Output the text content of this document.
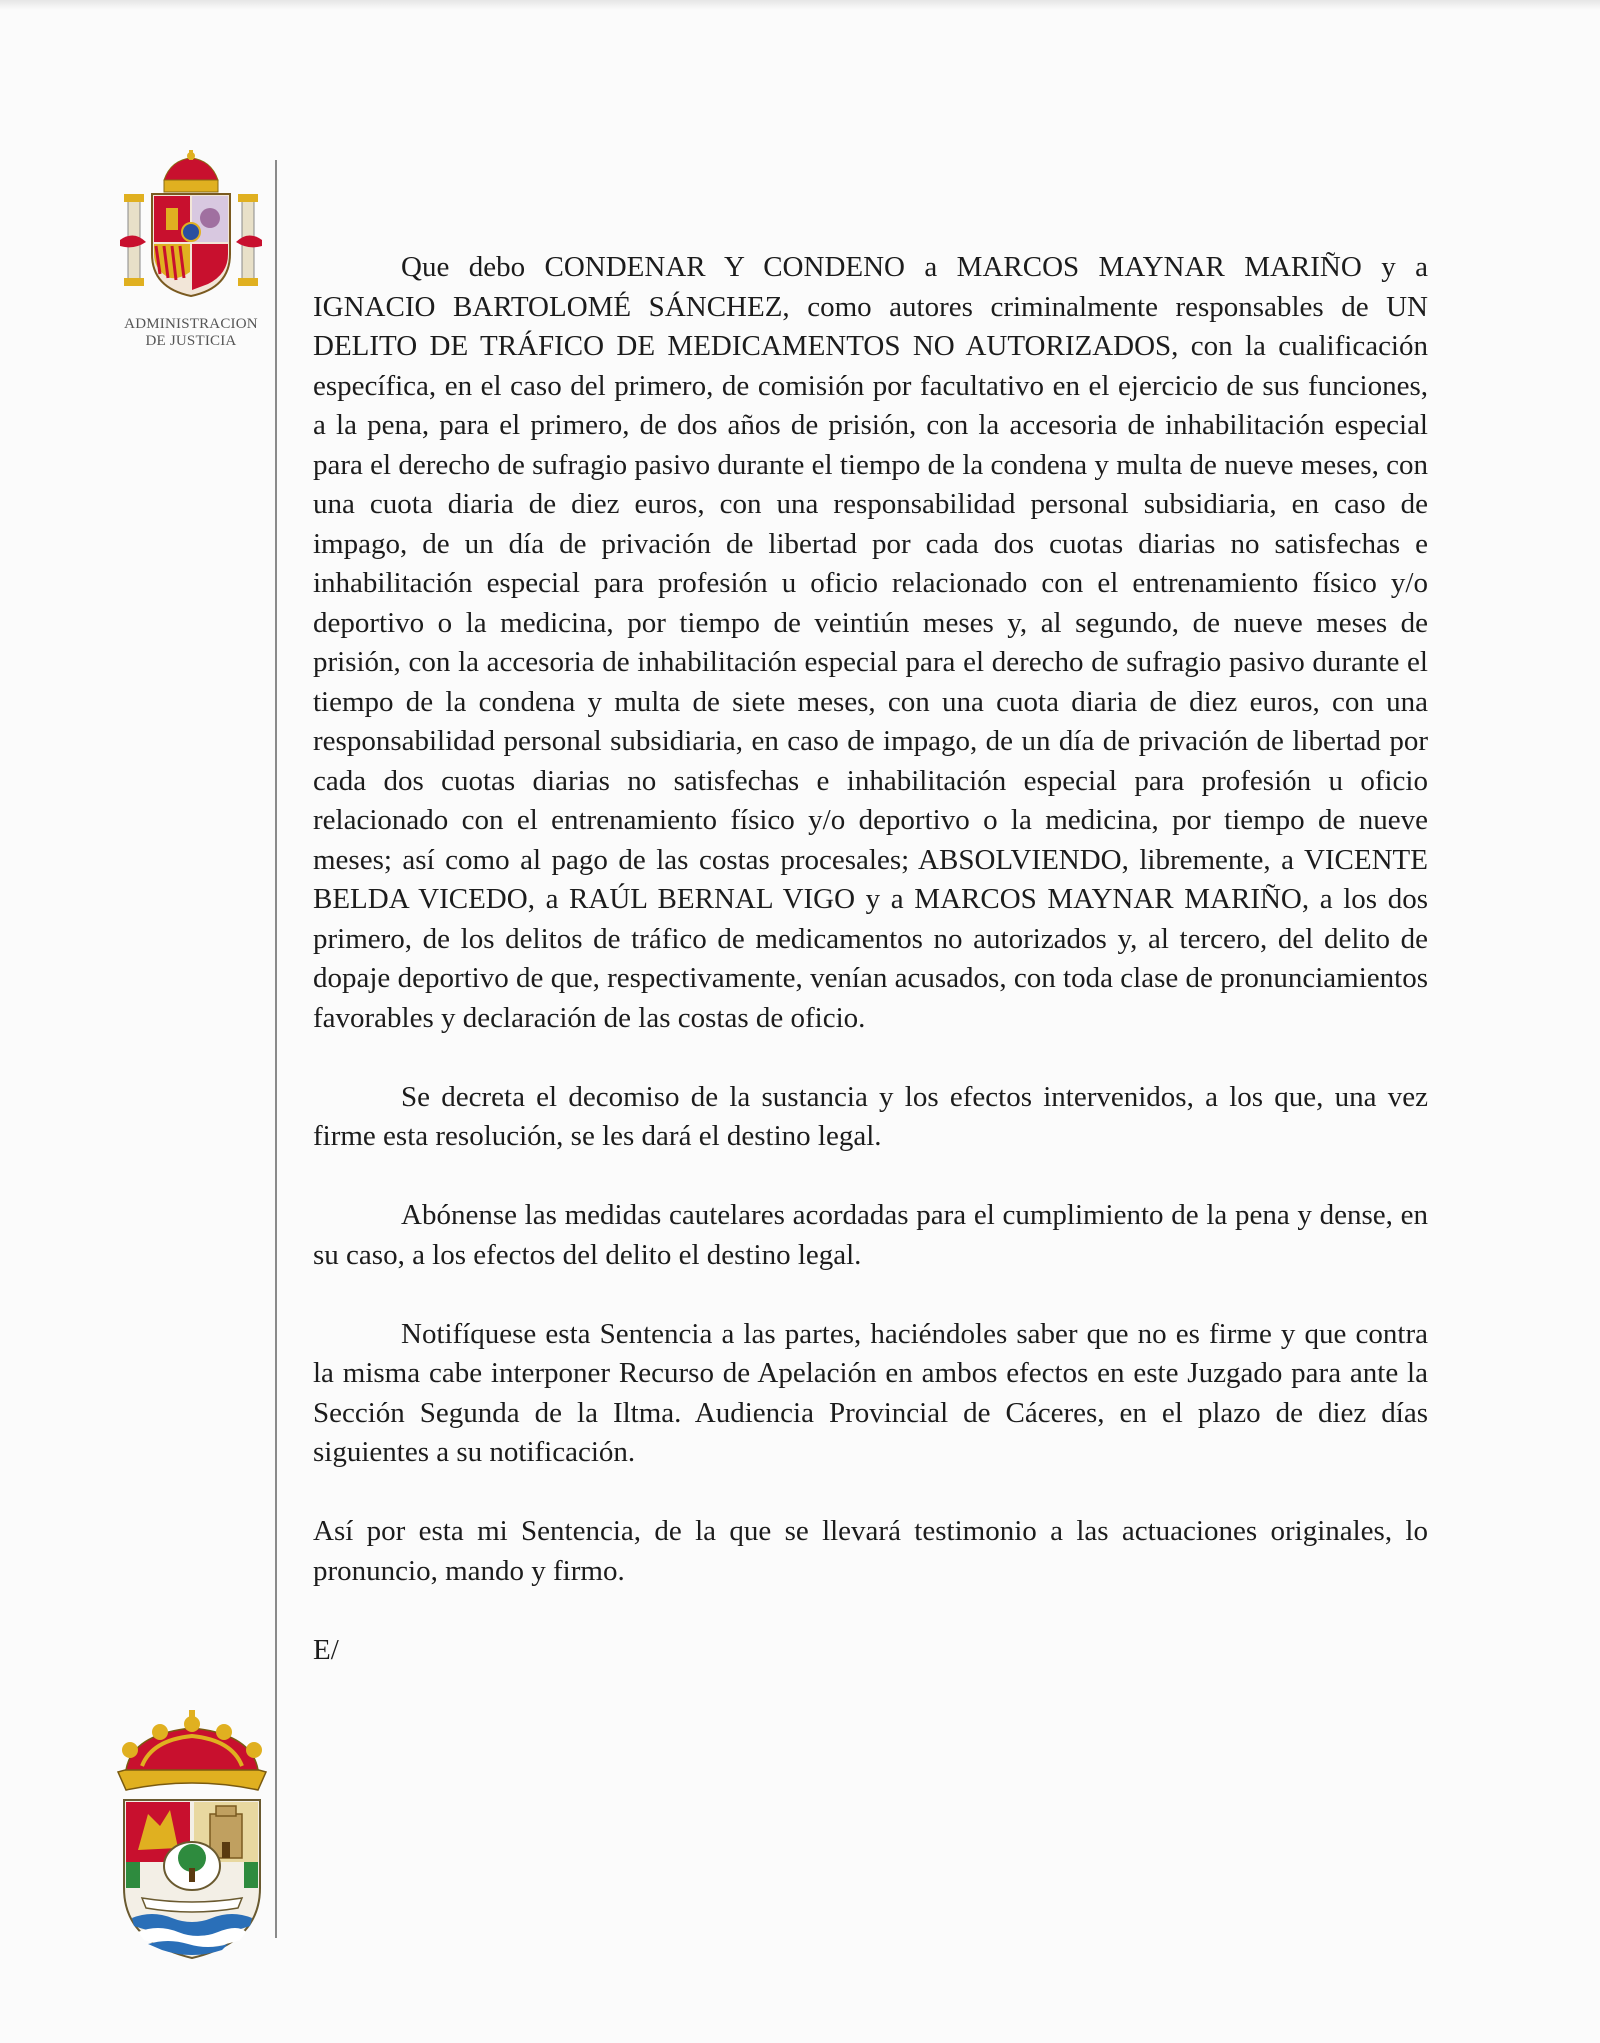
ADMINISTRACION
DE JUSTICIA

Que debo CONDENAR Y CONDENO a MARCOS MAYNAR MARIÑO y a IGNACIO BARTOLOMÉ SÁNCHEZ, como autores criminalmente responsables de UN DELITO DE TRÁFICO DE MEDICAMENTOS NO AUTORIZADOS, con la cualificación específica, en el caso del primero, de comisión por facultativo en el ejercicio de sus funciones, a la pena, para el primero, de dos años de prisión, con la accesoria de inhabilitación especial para el derecho de sufragio pasivo durante el tiempo de la condena y multa de nueve meses, con una cuota diaria de diez euros, con una responsabilidad personal subsidiaria, en caso de impago, de un día de privación de libertad por cada dos cuotas diarias no satisfechas e inhabilitación especial para profesión u oficio relacionado con el entrenamiento físico y/o deportivo o la medicina, por tiempo de veintiún meses y, al segundo, de nueve meses de prisión, con la accesoria de inhabilitación especial para el derecho de sufragio pasivo durante el tiempo de la condena y multa de siete meses, con una cuota diaria de diez euros, con una responsabilidad personal subsidiaria, en caso de impago, de un día de privación de libertad por cada dos cuotas diarias no satisfechas e inhabilitación especial para profesión u oficio relacionado con el entrenamiento físico y/o deportivo o la medicina, por tiempo de nueve meses; así como al pago de las costas procesales; ABSOLVIENDO, libremente, a VICENTE BELDA VICEDO, a RAÚL BERNAL VIGO y a MARCOS MAYNAR MARIÑO, a los dos primero, de los delitos de tráfico de medicamentos no autorizados y, al tercero, del delito de dopaje deportivo de que, respectivamente, venían acusados, con toda clase de pronunciamientos favorables y declaración de las costas de oficio.

Se decreta el decomiso de la sustancia y los efectos intervenidos, a los que, una vez firme esta resolución, se les dará el destino legal.

Abónense las medidas cautelares acordadas para el cumplimiento de la pena y dense, en su caso, a los efectos del delito el destino legal.

Notifíquese esta Sentencia a las partes, haciéndoles saber que no es firme y que contra la misma cabe interponer Recurso de Apelación en ambos efectos en este Juzgado para ante la Sección Segunda de la Iltma. Audiencia Provincial de Cáceres, en el plazo de diez días siguientes a su notificación.

Así por esta mi Sentencia, de la que se llevará testimonio a las actuaciones originales, lo pronuncio, mando y firmo.

E/
